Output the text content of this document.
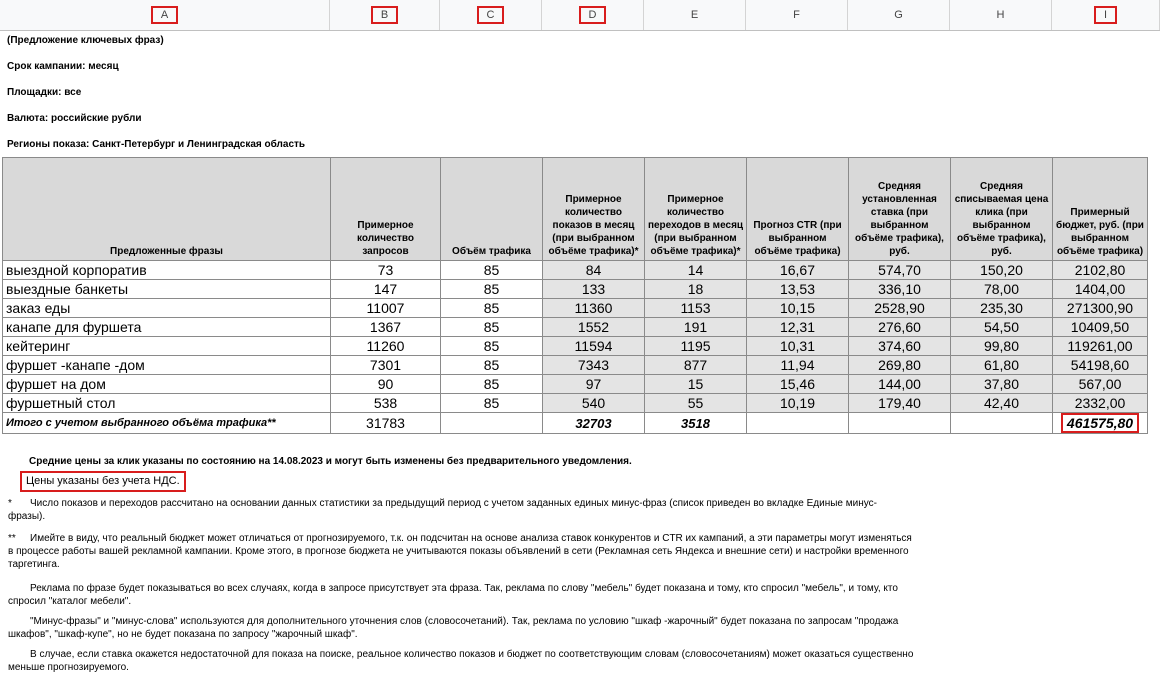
A	B	C	D	E	F	G	H	I
(Предложение ключевых фраз)
Срок кампании: месяц
Площадки: все
Валюта: российские рубли
Регионы показа: Санкт-Петербург и Ленинградская область
Предложенные фразы	Примерное количество запросов	Объём трафика	Примерное количество показов в месяц (при выбранном объёме трафика)*	Примерное количество переходов в месяц (при выбранном объёме трафика)*	Прогноз CTR (при выбранном объёме трафика)	Средняя установленная ставка (при выбранном объёме трафика), руб.	Средняя списываемая цена клика (при выбранном объёме трафика), руб.	Примерный бюджет, руб. (при выбранном объёме трафика)
выездной корпоратив	73	85	84	14	16,67	574,70	150,20	2102,80
выездные банкеты	147	85	133	18	13,53	336,10	78,00	1404,00
заказ еды	11007	85	11360	1153	10,15	2528,90	235,30	271300,90
канапе для фуршета	1367	85	1552	191	12,31	276,60	54,50	10409,50
кейтеринг	11260	85	11594	1195	10,31	374,60	99,80	119261,00
фуршет -канапе -дом	7301	85	7343	877	11,94	269,80	61,80	54198,60
фуршет на дом	90	85	97	15	15,46	144,00	37,80	567,00
фуршетный стол	538	85	540	55	10,19	179,40	42,40	2332,00
Итого с учетом выбранного объёма трафика**	31783		32703	3518				461575,80
Средние цены за клик указаны по состоянию на 14.08.2023 и могут быть изменены без предварительного уведомления.
Цены указаны без учета НДС.
*	Число показов и переходов рассчитано на основании данных статистики за предыдущий период с учетом заданных единых минус-фраз (список приведен во вкладке Единые минус-фразы).
**	Имейте в виду, что реальный бюджет может отличаться от прогнозируемого, т.к. он подсчитан на основе анализа ставок конкурентов и CTR их кампаний, а эти параметры могут изменяться в процессе работы вашей рекламной кампании. Кроме этого, в прогнозе бюджета не учитываются показы объявлений в сети (Рекламная сеть Яндекса и внешние сети) и настройки временного таргетинга.
Реклама по фразе будет показываться во всех случаях, когда в запросе присутствует эта фраза. Так, реклама по слову "мебель" будет показана и тому, кто спросил "мебель", и тому, кто спросил "каталог мебели".
"Минус-фразы" и "минус-слова" используются для дополнительного уточнения слов (словосочетаний). Так, реклама по условию "шкаф -жарочный" будет показана по запросам "продажа шкафов", "шкаф-купе", но не будет показана по запросу "жарочный шкаф".
В случае, если ставка окажется недостаточной для показа на поиске, реальное количество показов и бюджет по соответствующим словам (словосочетаниям) может оказаться существенно меньше прогнозируемого.
